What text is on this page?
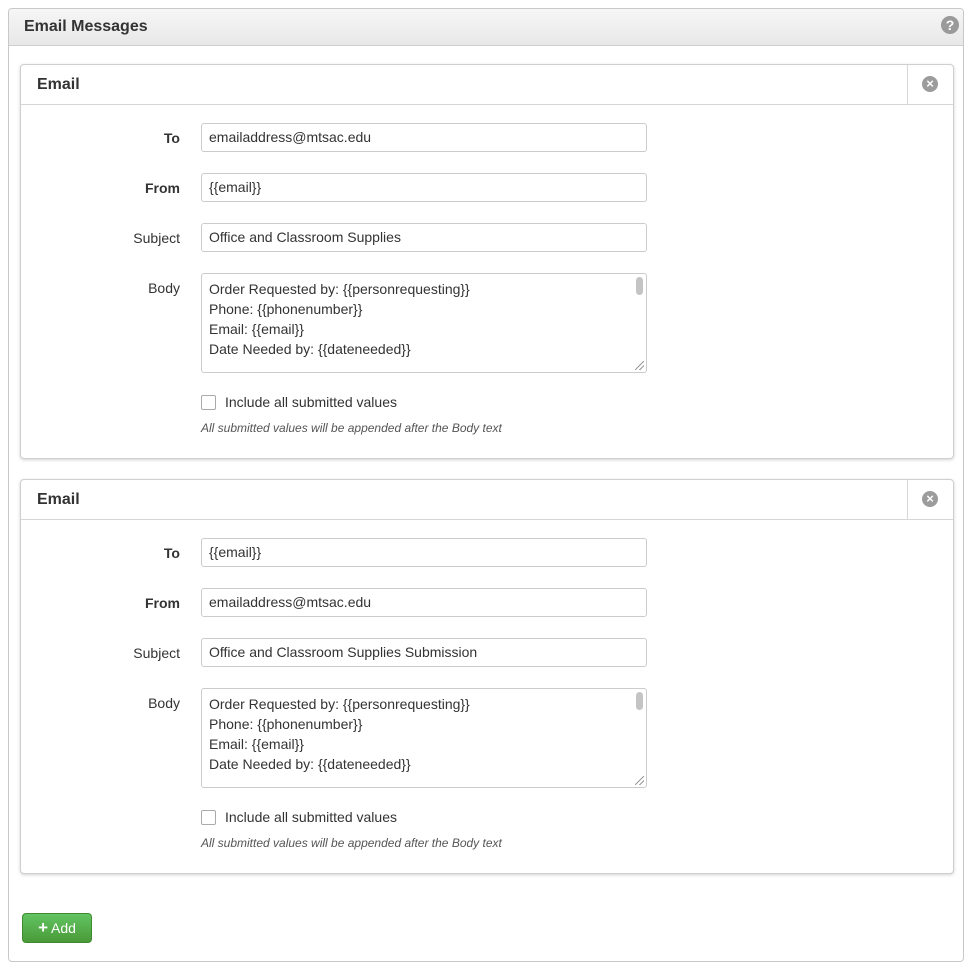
Email Messages	?
Email	×
To	emailaddress@mtsac.edu
From	{{email}}
Subject	Office and Classroom Supplies
Body Order Requested by: {{personrequesting}}
Phone: {{phonenumber}}
Email: {{email}}
Date Needed by: {{dateneeded}}
Include all submitted values
All submitted values will be appended after the Body text
Email	×
To	{{email}}
From	emailaddress@mtsac.edu
Subject	Office and Classroom Supplies Submission
Body Order Requested by: {{personrequesting}}
Phone: {{phonenumber}}
Email: {{email}}
Date Needed by: {{dateneeded}}
Include all submitted values
All submitted values will be appended after the Body text
+ Add
